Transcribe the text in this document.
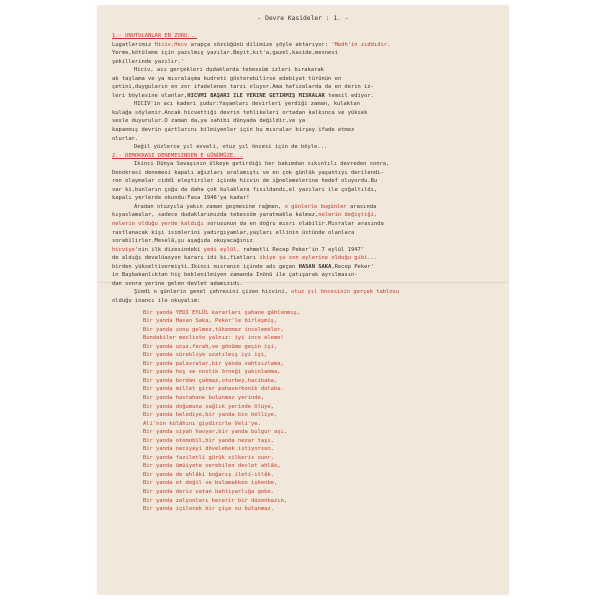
- Devre Kasideler : 1. -
1.- UNUTULANLAR EN ZORU...
Lugatlerimiz Hiciv,Hecv arapça sözcüğünü dilimize şöyle aktarıyor: 'Medh'in zıddıdır.
Yerme,kötüleme için yazılmış yazılar.Beyit,kıt'a,gazel,kaside,mesnevi
şekillerinde yazılır.'
Hiciv, acı gerçekleri dudaklarda tebessüm izleri bırakarak
ak taşlama ve ya mısralaşma kudreti gösterebilirse edebiyat türünün en
çetini,duyguların en zor ifadelenen tarzı oluyor.Ama hafızalarda da en derin iz-
leri böylesine olanlar,HICVMI BAŞARI ILE YERINE GETIRMIŞ MISRALAR temsil ediyor.
HICIV'in acı kaderi şudur:Yaşamları devirleri yerdiği zaman, kulaktan
kulağa söylenir.Ancak hicvettiği devrin tehlikeleri ortadan kalkınca ve yüksek
sesle duyurulur.O zaman da,ya sahibi dünyada değildir,ve ya
kapanmış devrin şartlarını bilmiyenler için bu mısralar birşey ifade etmez
olurlar.
Değil yüzlerce yıl evveli, otuz yıl öncesi için de böyle...
2.- DEMOKRASI DENEMESINDEN E GÜNÜMÜZE...
Ikinci Dünya Savaşının ülkeye getirdiği her bakımdan sıkıntılı devreden sonra,
Denokrasi denemesi kapalı ağızları aralamıştı ve en çok günlük yaşantıyı derilendi-
ren olaymalar ciddî eleştiriler içinde hicvin de iğnelemelerine hedef oluyordu.Bu
var ki,bunların çoğu da daha çok kulaklara fısıldandı,el yazıları ile çoğaltıldı,
kapalı yerlerde okundu:Fasa 1946'ya kadar!
Aradan otuzyıla yakın zaman geçmesine rağmen, o günlerle bugünler arasında
kıyaslamalar, sadece dudaklarımızda tebessüm yaratmakla kalmaz,nelerin değiştiği,
nelerin olduğu yerde kaldığı sorusunun da en doğru mısrı olabilir.Mısralar arasında
rastlanacak kişi isimlerini yadırgıyamlar,yaşları ellinin üstünde olanlara
sorabilirler.Meselâ,şu aşağıda okuyacağınız
hicviye'nin ilk dizesindeki yedi eylül, rahmetli Recep Peker'in 7 eylül 1947'
de aldığı devalüasyon kararı idi ki,fiatları ikiye şu son eylerine olduğu gibi...
birden yükseltivermişti.Ikinci mısranın içinde adı geçen HASAN SAKA,Recep Peker'
in Başbakanlıktan hiç beklenilmiyen zamanda Inönü ile çatışarak ayrılmasın-
dan sonra yerine gelen devlet adamızıdı.
Şimdi o günlerin genel çehresini çizen hicvini, otuz yıl öncesinin gerçek tablosu
olduğu inancı ile okuyalım:
Bir yanda YEDI EYLÜL kararları şahane gâhlanmış,
Bir yanda Hasan Saka, Peker'le birleşmiş,
Bir yanda sonu gelmez,tükenmez incelemeler,
Bundakiler mecliste yalnız: iyi ince eleme!
Bir yanda ucuz,ferah,ve gönüme geçin işi,
Bir yanda sürekliye uzatılmış iyi işi,
Bir yanda palavralar,bir yanda vahtsızlama,
Bir yanda hoş ve nostik örneği yakınlamma,
Bir yanda bordan çakmaz,oturbey,hacibaba,
Bir yanda millet girer pahaverbonik dolaba.
Bir yanda hastahane bulunmaz yerinde,
Bir yanda doğumuna sağlık yerinde ölüye,
Bir yanda belediye,bir yanda bin belliye,
Ali'nin külâhını giydirirle Veli'ye.
Bir yanda siyah havyar,bir yanda bulgur aşı,
Bir yanda otomobil,bir yanda nezar taşı,
Bir yanda neciyeyi dövelebek istiyorsun,
Bir yanda faziletli gürük silkeris ounr.
Bir yanda ümüiyete verebilen devlet ahlâk,
Bir yanda de ahlâki boğarış ileti-itlâk.
Bir yanda et değil ve bulamakken işkenbe,
Bir yanda deriz vatan bahtiyarlığa gebe.
Bir yanda zalyonları becerir bir düzenbazın,
Bir yanda içilecek bir çişe su bulunmaz.
